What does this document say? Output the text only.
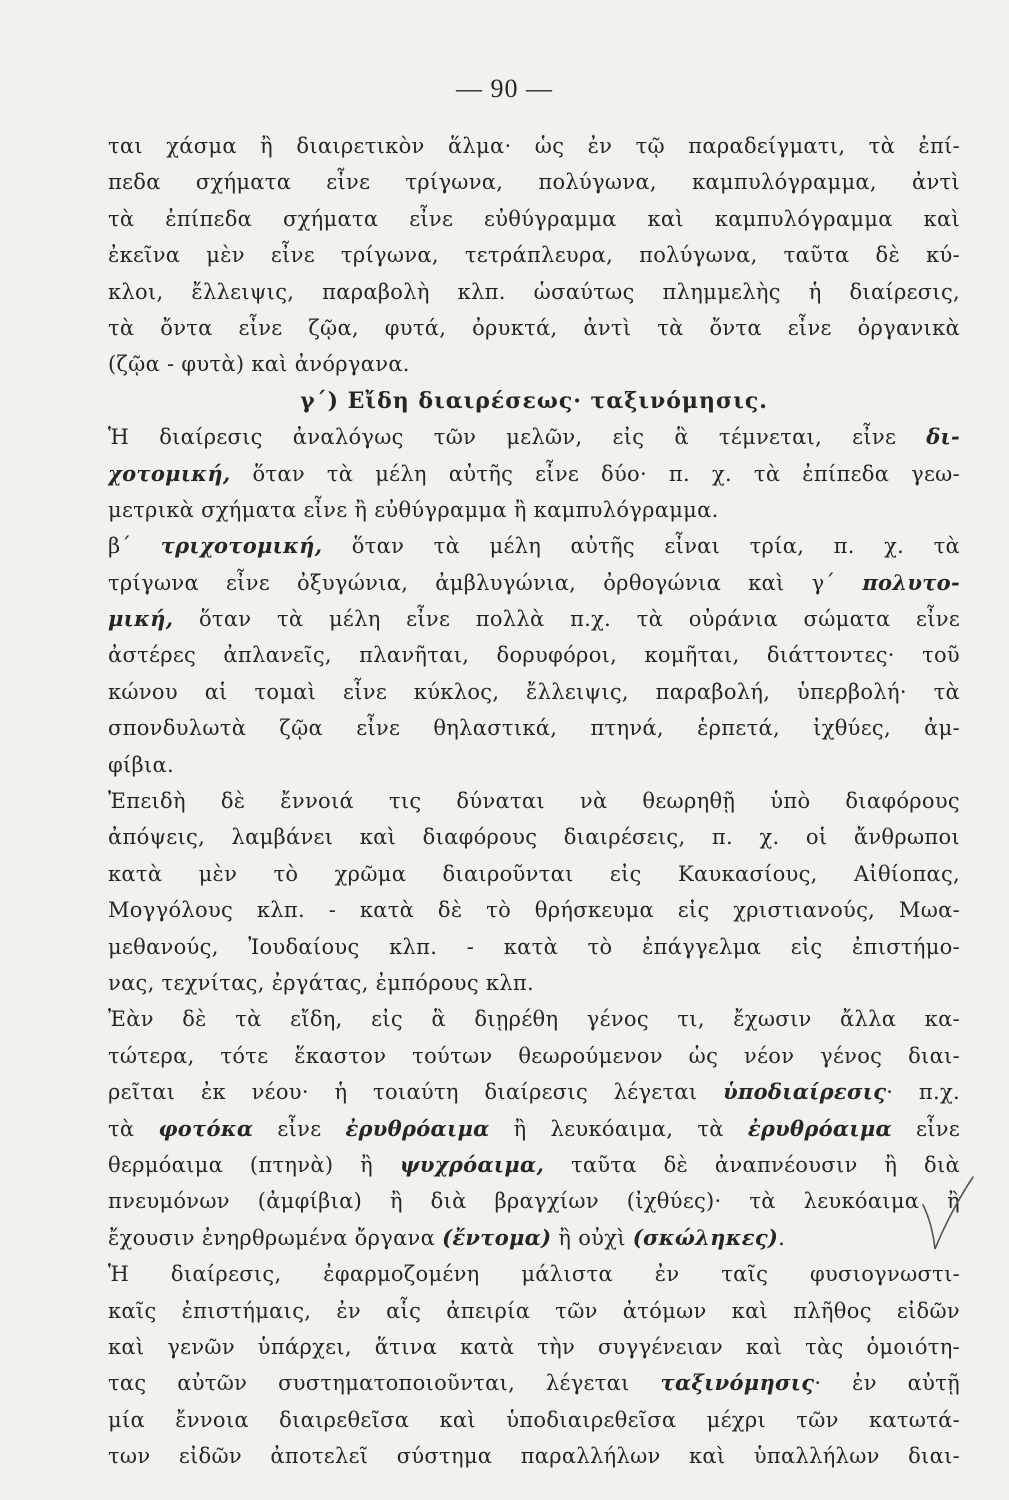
— 90 —
ται χάσμα ἢ διαιρετικὸν ἅλμα· ὡς ἐν τῷ παραδείγματι, τὰ ἐπί-
πεδα σχήματα εἶνε τρίγωνα, πολύγωνα, καμπυλόγραμμα, ἀντὶ
τὰ ἐπίπεδα σχήματα εἶνε εὐθύγραμμα καὶ καμπυλόγραμμα καὶ
ἐκεῖνα μὲν εἶνε τρίγωνα, τετράπλευρα, πολύγωνα, ταῦτα δὲ κύ-
κλοι, ἔλλειψις, παραβολὴ κλπ. ὡσαύτως πλημμελὴς ἡ διαίρεσις,
τὰ ὄντα εἶνε ζῷα, φυτά, ὀρυκτά, ἀντὶ τὰ ὄντα εἶνε ὀργανικὰ
(ζῷα - φυτὰ) καὶ ἀνόργανα.
γ΄) Εἴδη διαιρέσεως· ταξινόμησις.
Ἡ διαίρεσις ἀναλόγως τῶν μελῶν, εἰς ἃ τέμνεται, εἶνε δι-
χοτομική, ὅταν τὰ μέλη αὐτῆς εἶνε δύο· π. χ. τὰ ἐπίπεδα γεω-
μετρικὰ σχήματα εἶνε ἢ εὐθύγραμμα ἢ καμπυλόγραμμα.
β΄ τριχοτομική, ὅταν τὰ μέλη αὐτῆς εἶναι τρία, π. χ. τὰ
τρίγωνα εἶνε ὀξυγώνια, ἀμβλυγώνια, ὀρθογώνια καὶ γ΄ πολυτο-
μική, ὅταν τὰ μέλη εἶνε πολλὰ π.χ. τὰ οὐράνια σώματα εἶνε
ἀστέρες ἀπλανεῖς, πλανῆται, δορυφόροι, κομῆται, διάττοντες· τοῦ
κώνου αἱ τομαὶ εἶνε κύκλος, ἔλλειψις, παραβολή, ὑπερβολή· τὰ
σπονδυλωτὰ ζῷα εἶνε θηλαστικά, πτηνά, ἑρπετά, ἰχθύες, ἀμ-
φίβια.
Ἐπειδὴ δὲ ἔννοιά τις δύναται νὰ θεωρηθῇ ὑπὸ διαφόρους
ἀπόψεις, λαμβάνει καὶ διαφόρους διαιρέσεις, π. χ. οἱ ἄνθρωποι
κατὰ μὲν τὸ χρῶμα διαιροῦνται εἰς Καυκασίους, Αἰθίοπας,
Μογγόλους κλπ. - κατὰ δὲ τὸ θρήσκευμα εἰς χριστιανούς, Μωα-
μεθανούς, Ἰουδαίους κλπ. - κατὰ τὸ ἐπάγγελμα εἰς ἐπιστήμο-
νας, τεχνίτας, ἐργάτας, ἐμπόρους κλπ.
Ἐὰν δὲ τὰ εἴδη, εἰς ἃ διῃρέθη γένος τι, ἔχωσιν ἄλλα κα-
τώτερα, τότε ἕκαστον τούτων θεωρούμενον ὡς νέον γένος διαι-
ρεῖται ἐκ νέου· ἡ τοιαύτη διαίρεσις λέγεται ὑποδιαίρεσις· π.χ.
τὰ φοτόκα εἶνε ἐρυθρόαιμα ἢ λευκόαιμα, τὰ ἐρυθρόαιμα εἶνε
θερμόαιμα (πτηνὰ) ἢ ψυχρόαιμα, ταῦτα δὲ ἀναπνέουσιν ἢ διὰ
πνευμόνων (ἀμφίβια) ἢ διὰ βραγχίων (ἰχθύες)· τὰ λευκόαιμα ἢ
ἔχουσιν ἐνηρθρωμένα ὄργανα (ἔντομα) ἢ οὐχὶ (σκώληκες).
Ἡ διαίρεσις, ἐφαρμοζομένη μάλιστα ἐν ταῖς φυσιογνωστι-
καῖς ἐπιστήμαις, ἐν αἷς ἀπειρία τῶν ἀτόμων καὶ πλῆθος εἰδῶν
καὶ γενῶν ὑπάρχει, ἅτινα κατὰ τὴν συγγένειαν καὶ τὰς ὁμοιότη-
τας αὐτῶν συστηματοποιοῦνται, λέγεται ταξινόμησις· ἐν αὐτῇ
μία ἔννοια διαιρεθεῖσα καὶ ὑποδιαιρεθεῖσα μέχρι τῶν κατωτά-
των εἰδῶν ἀποτελεῖ σύστημα παραλλήλων καὶ ὑπαλλήλων διαι-
